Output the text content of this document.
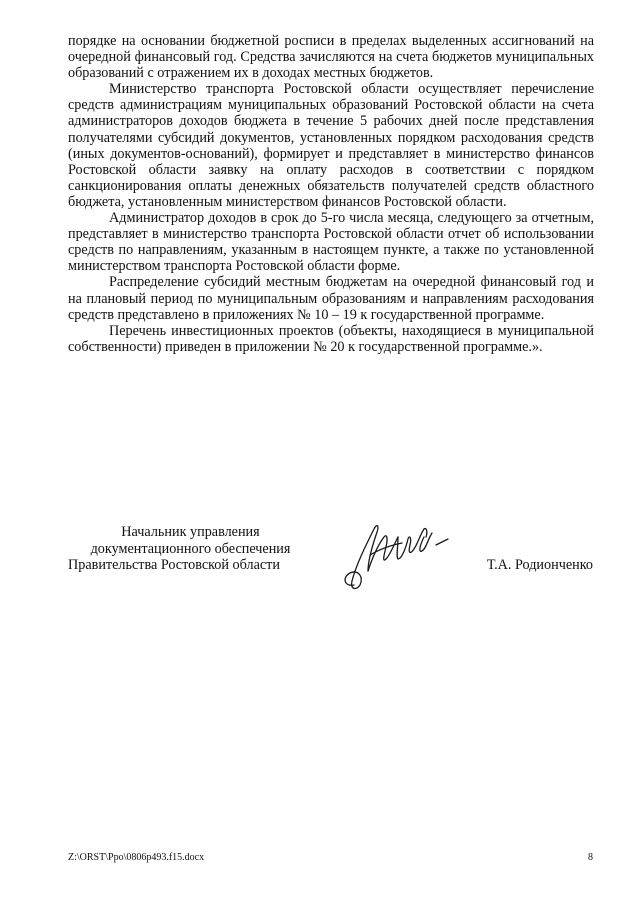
порядке на основании бюджетной росписи в пределах выделенных ассигнований на очередной финансовый год. Средства зачисляются на счета бюджетов муниципальных образований с отражением их в доходах местных бюджетов.

Министерство транспорта Ростовской области осуществляет перечисление средств администрациям муниципальных образований Ростовской области на счета администраторов доходов бюджета в течение 5 рабочих дней после представления получателями субсидий документов, установленных порядком расходования средств (иных документов-оснований), формирует и представляет в министерство финансов Ростовской области заявку на оплату расходов в соответствии с порядком санкционирования оплаты денежных обязательств получателей средств областного бюджета, установленным министерством финансов Ростовской области.

Администратор доходов в срок до 5-го числа месяца, следующего за отчетным, представляет в министерство транспорта Ростовской области отчет об использовании средств по направлениям, указанным в настоящем пункте, а также по установленной министерством транспорта Ростовской области форме.

Распределение субсидий местным бюджетам на очередной финансовый год и на плановый период по муниципальным образованиям и направлениям расходования средств представлено в приложениях № 10 – 19 к государственной программе.

Перечень инвестиционных проектов (объекты, находящиеся в муниципальной собственности) приведен в приложении № 20 к государственной программе.».

Начальник управления
документационного обеспечения
Правительства Ростовской области	Т.А. Родионченко
Z:\ORST\Ppo\0806p493.f15.docx	8
